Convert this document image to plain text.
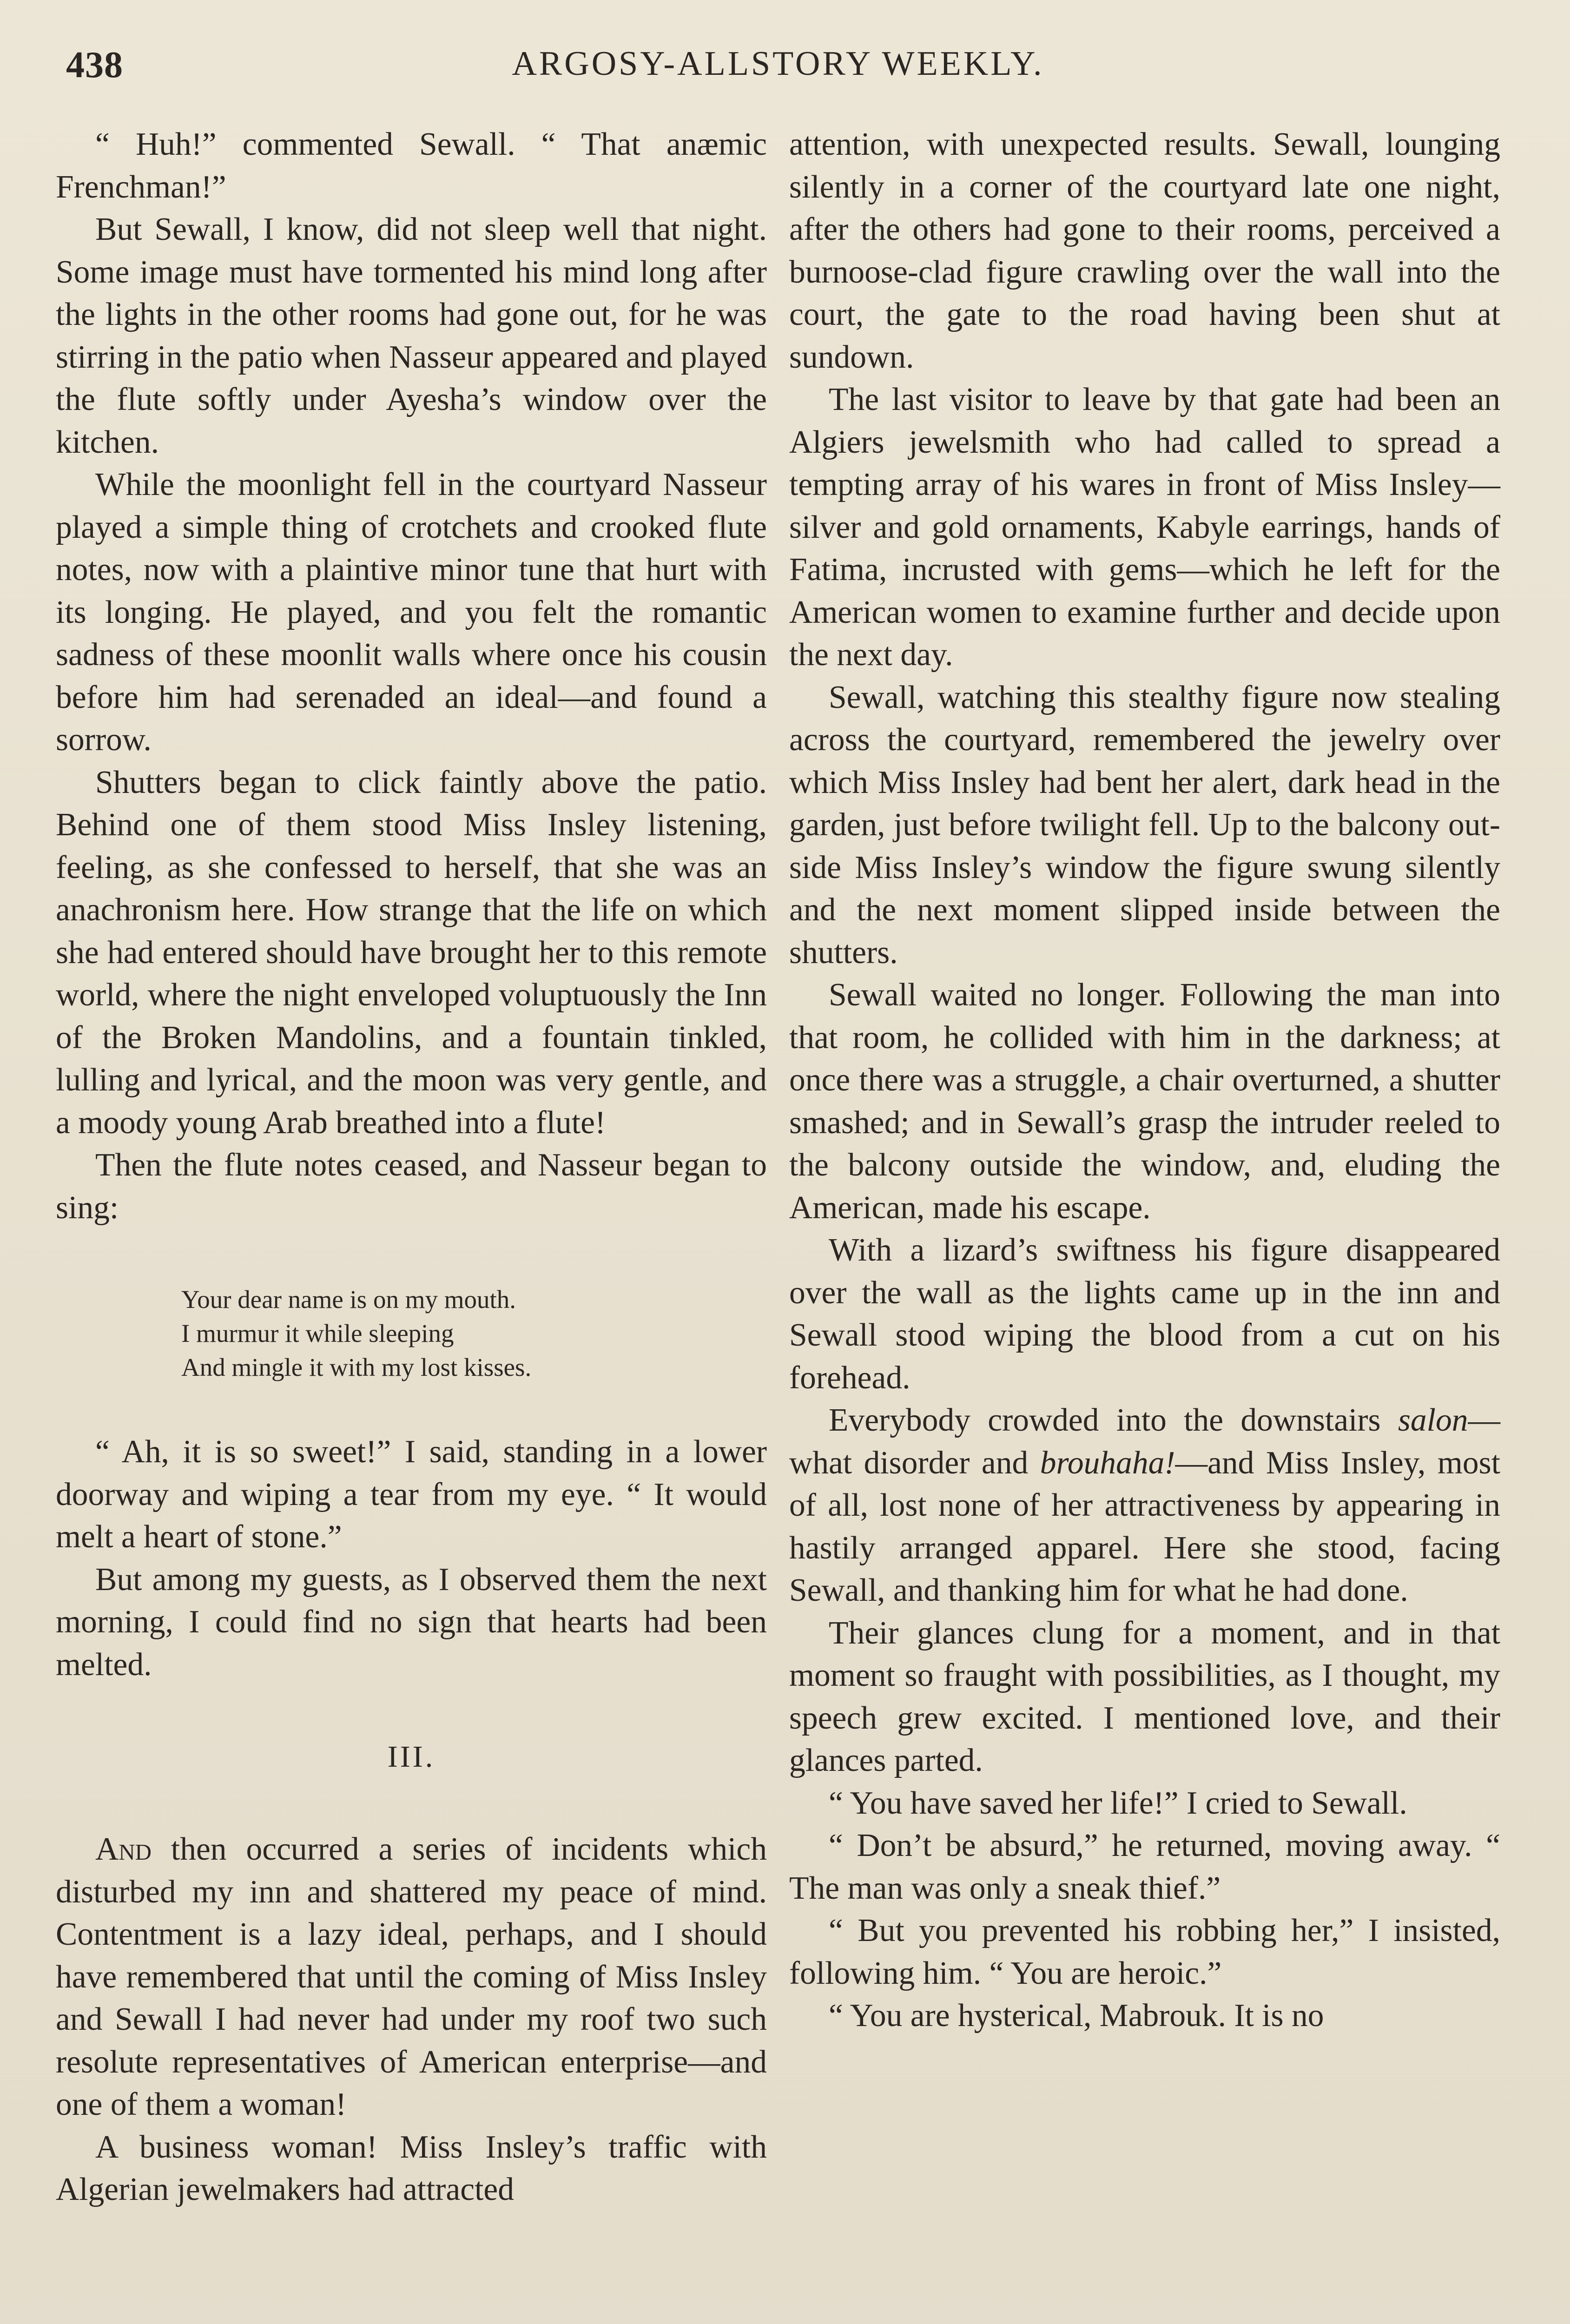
438	ARGOSY-ALLSTORY WEEKLY.

“ Huh!” commented Sewall. “ That anæmic Frenchman!”

But Sewall, I know, did not sleep well that night. Some image must have tormented his mind long after the lights in the other rooms had gone out, for he was stirring in the patio when Nasseur appeared and played the flute softly under Ayesha’s window over the kitchen.

While the moonlight fell in the courtyard Nasseur played a simple thing of crotchets and crooked flute notes, now with a plaintive minor tune that hurt with its longing. He played, and you felt the romantic sadness of these moonlit walls where once his cousin before him had serenaded an ideal—and found a sorrow.

Shutters began to click faintly above the patio. Behind one of them stood Miss Insley listening, feeling, as she confessed to herself, that she was an anachronism here. How strange that the life on which she had entered should have brought her to this remote world, where the night enveloped voluptuously the Inn of the Broken Mandolins, and a fountain tinkled, lulling and lyrical, and the moon was very gentle, and a moody young Arab breathed into a flute!

Then the flute notes ceased, and Nasseur began to sing:

Your dear name is on my mouth.
I murmur it while sleeping
And mingle it with my lost kisses.

“ Ah, it is so sweet!” I said, standing in a lower doorway and wiping a tear from my eye. “ It would melt a heart of stone.”

But among my guests, as I observed them the next morning, I could find no sign that hearts had been melted.

III.

And then occurred a series of incidents which disturbed my inn and shattered my peace of mind. Contentment is a lazy ideal, perhaps, and I should have remembered that until the coming of Miss Insley and Sewall I had never had under my roof two such resolute representatives of American enterprise—and one of them a woman!

A business woman! Miss Insley’s traffic with Algerian jewelmakers had attracted

attention, with unexpected results. Sewall, lounging silently in a corner of the courtyard late one night, after the others had gone to their rooms, perceived a burnoose-clad figure crawling over the wall into the court, the gate to the road having been shut at sundown.

The last visitor to leave by that gate had been an Algiers jewelsmith who had called to spread a tempting array of his wares in front of Miss Insley—silver and gold ornaments, Kabyle earrings, hands of Fatima, incrusted with gems—which he left for the American women to examine further and decide upon the next day.

Sewall, watching this stealthy figure now stealing across the courtyard, remembered the jewelry over which Miss Insley had bent her alert, dark head in the garden, just before twilight fell. Up to the balcony outside Miss Insley’s window the figure swung silently and the next moment slipped inside between the shutters.

Sewall waited no longer. Following the man into that room, he collided with him in the darkness; at once there was a struggle, a chair overturned, a shutter smashed; and in Sewall’s grasp the intruder reeled to the balcony outside the window, and, eluding the American, made his escape.

With a lizard’s swiftness his figure disappeared over the wall as the lights came up in the inn and Sewall stood wiping the blood from a cut on his forehead.

Everybody crowded into the downstairs salon—what disorder and brouhaha!—and Miss Insley, most of all, lost none of her attractiveness by appearing in hastily arranged apparel. Here she stood, facing Sewall, and thanking him for what he had done.

Their glances clung for a moment, and in that moment so fraught with possibilities, as I thought, my speech grew excited. I mentioned love, and their glances parted.

“ You have saved her life!” I cried to Sewall.

“ Don’t be absurd,” he returned, moving away. “ The man was only a sneak thief.”

“ But you prevented his robbing her,” I insisted, following him. “ You are heroic.”

“ You are hysterical, Mabrouk. It is no
